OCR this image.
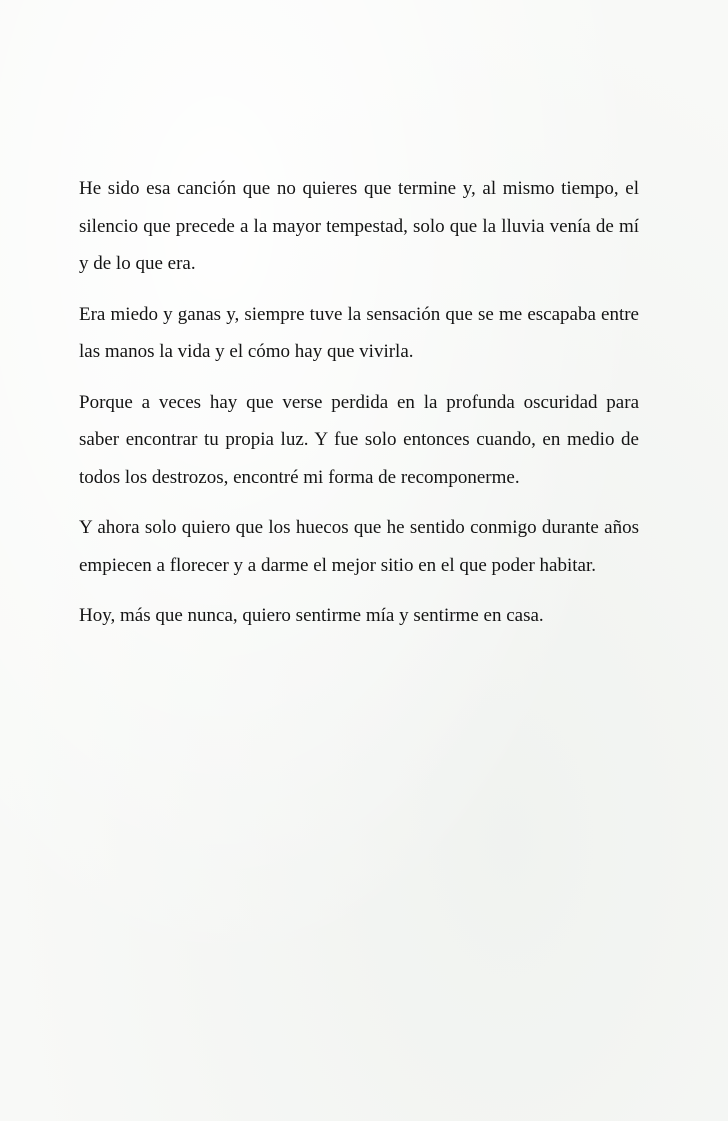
He sido esa canción que no quieres que termine y, al mismo tiempo, el silencio que precede a la mayor tempestad, solo que la lluvia venía de mí y de lo que era.

Era miedo y ganas y, siempre tuve la sensación que se me escapaba entre las manos la vida y el cómo hay que vivirla.

Porque a veces hay que verse perdida en la profunda oscuridad para saber encontrar tu propia luz. Y fue solo entonces cuando, en medio de todos los destrozos, encontré mi forma de recomponerme.

Y ahora solo quiero que los huecos que he sentido conmigo durante años empiecen a florecer y a darme el mejor sitio en el que poder habitar.

Hoy, más que nunca, quiero sentirme mía y sentirme en casa.
